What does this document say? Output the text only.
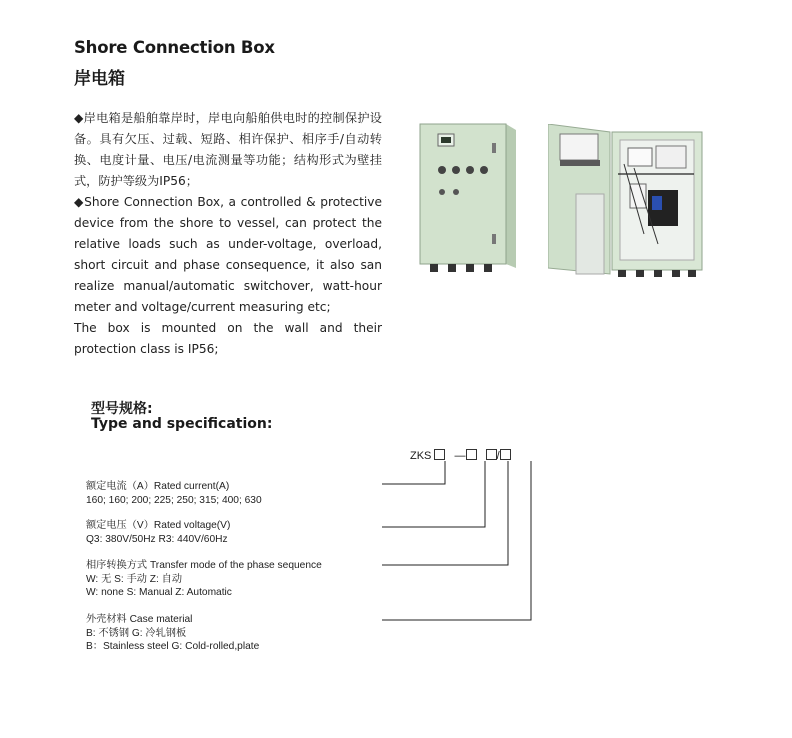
Shore Connection Box
岸电箱

◆岸电箱是船舶靠岸时，岸电向船舶供电时的控制保护设备。具有欠压、过载、短路、相许保护、相序手/自动转换、电度计量、电压/电流测量等功能；结构形式为壁挂式，防护等级为IP56；

◆Shore Connection Box, a controlled & protective device from the shore to vessel, can protect the relative loads such as under-voltage, overload, short circuit and phase consequence, it also san realize manual/automatic switchover, watt-hour meter and voltage/current measuring etc;

The box is mounted on the wall and their protection class is IP56;

型号规格:
Type and specification:
ZKS —	/
额定电流（A）Rated current(A)
160; 160; 200; 225; 250; 315; 400; 630
额定电压（V）Rated voltage(V)
Q3: 380V/50Hz R3: 440V/60Hz
相序转换方式 Transfer mode of the phase sequence
W: 无 S: 手动 Z: 自动
W: none S: Manual Z: Automatic
外壳材料 Case material
B: 不锈钢 G: 冷轧钢板
B：Stainless steel G: Cold-rolled,plate
